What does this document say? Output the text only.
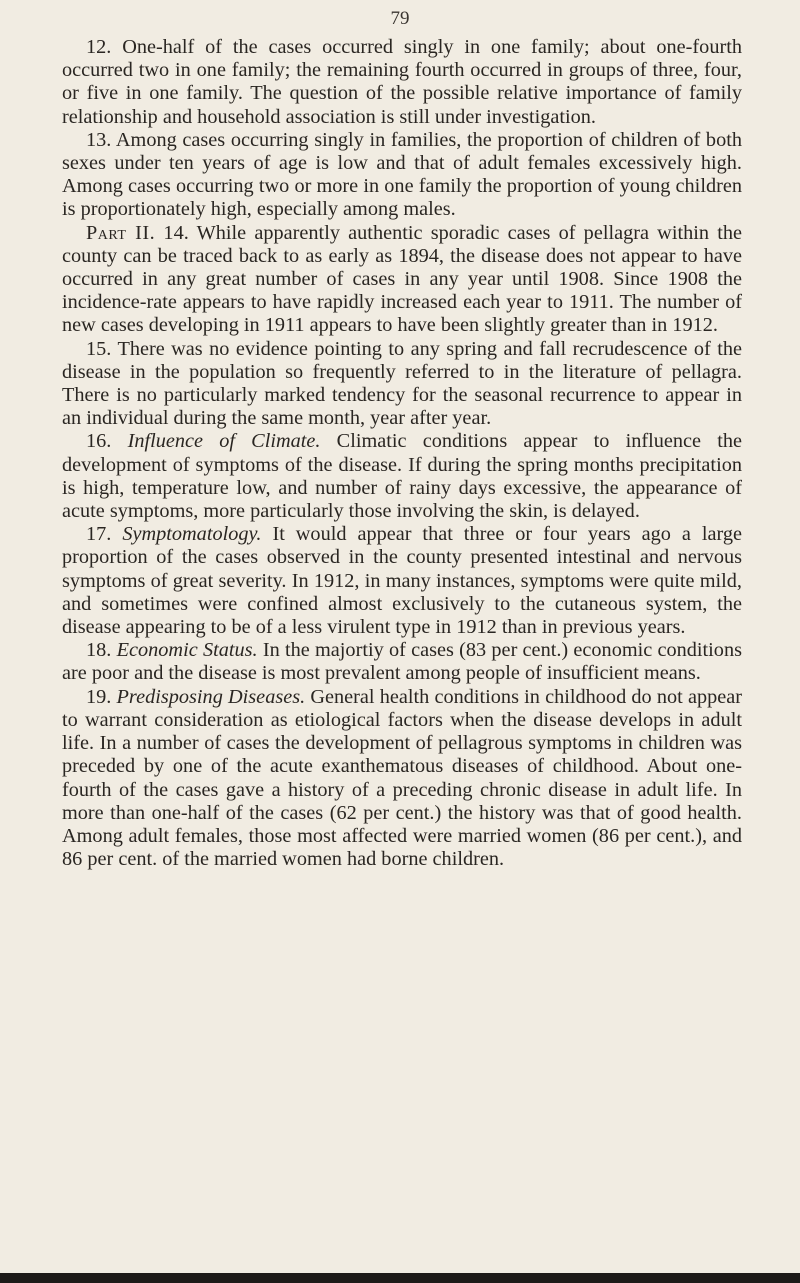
79

12. One-half of the cases occurred singly in one family; about one-fourth occurred two in one family; the remaining fourth occurred in groups of three, four, or five in one family. The question of the possible relative importance of family relationship and household association is still under investigation.

13. Among cases occurring singly in families, the proportion of children of both sexes under ten years of age is low and that of adult females excessively high. Among cases occurring two or more in one family the proportion of young children is proportionately high, especially among males.

Part II. 14. While apparently authentic sporadic cases of pellagra within the county can be traced back to as early as 1894, the disease does not appear to have occurred in any great number of cases in any year until 1908. Since 1908 the incidence-rate appears to have rapidly increased each year to 1911. The number of new cases developing in 1911 appears to have been slightly greater than in 1912.

15. There was no evidence pointing to any spring and fall recrudescence of the disease in the population so frequently referred to in the literature of pellagra. There is no particularly marked tendency for the seasonal recurrence to appear in an individual during the same month, year after year.

16. Influence of Climate. Climatic conditions appear to influence the development of symptoms of the disease. If during the spring months precipitation is high, temperature low, and number of rainy days excessive, the appearance of acute symptoms, more particularly those involving the skin, is delayed.

17. Symptomatology. It would appear that three or four years ago a large proportion of the cases observed in the county presented intestinal and nervous symptoms of great severity. In 1912, in many instances, symptoms were quite mild, and sometimes were confined almost exclusively to the cutaneous system, the disease appearing to be of a less virulent type in 1912 than in previous years.

18. Economic Status. In the majortiy of cases (83 per cent.) economic conditions are poor and the disease is most prevalent among people of insufficient means.

19. Predisposing Diseases. General health conditions in childhood do not appear to warrant consideration as etiological factors when the disease develops in adult life. In a number of cases the development of pellagrous symptoms in children was preceded by one of the acute exanthematous diseases of childhood. About one-fourth of the cases gave a history of a preceding chronic disease in adult life. In more than one-half of the cases (62 per cent.) the history was that of good health. Among adult females, those most affected were married women (86 per cent.), and 86 per cent. of the married women had borne children.
